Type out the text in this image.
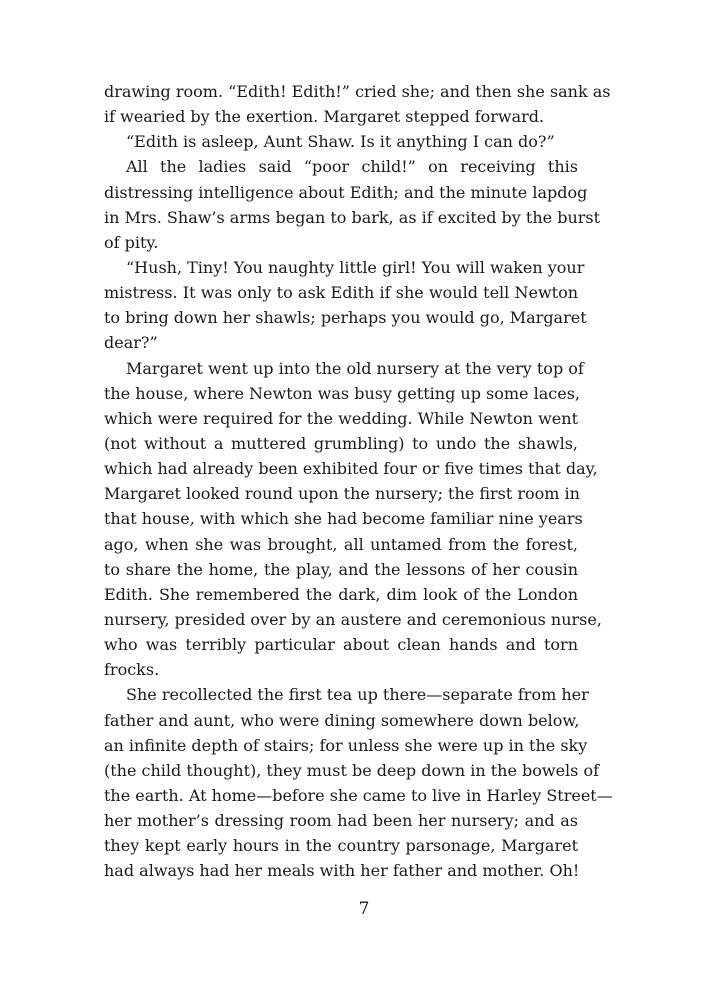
drawing room. “Edith! Edith!” cried she; and then she sank as
if wearied by the exertion. Margaret stepped forward.
“Edith is asleep, Aunt Shaw. Is it anything I can do?”
All the ladies said “poor child!” on receiving this
distressing intelligence about Edith; and the minute lapdog
in Mrs. Shaw’s arms began to bark, as if excited by the burst
of pity.
“Hush, Tiny! You naughty little girl! You will waken your
mistress. It was only to ask Edith if she would tell Newton
to bring down her shawls; perhaps you would go, Margaret
dear?”
Margaret went up into the old nursery at the very top of
the house, where Newton was busy getting up some laces,
which were required for the wedding. While Newton went
(not without a muttered grumbling) to undo the shawls,
which had already been exhibited four or five times that day,
Margaret looked round upon the nursery; the first room in
that house, with which she had become familiar nine years
ago, when she was brought, all untamed from the forest,
to share the home, the play, and the lessons of her cousin
Edith. She remembered the dark, dim look of the London
nursery, presided over by an austere and ceremonious nurse,
who was terribly particular about clean hands and torn
frocks.
She recollected the first tea up there—separate from her
father and aunt, who were dining somewhere down below,
an infinite depth of stairs; for unless she were up in the sky
(the child thought), they must be deep down in the bowels of
the earth. At home—before she came to live in Harley Street—
her mother’s dressing room had been her nursery; and as
they kept early hours in the country parsonage, Margaret
had always had her meals with her father and mother. Oh!
7
